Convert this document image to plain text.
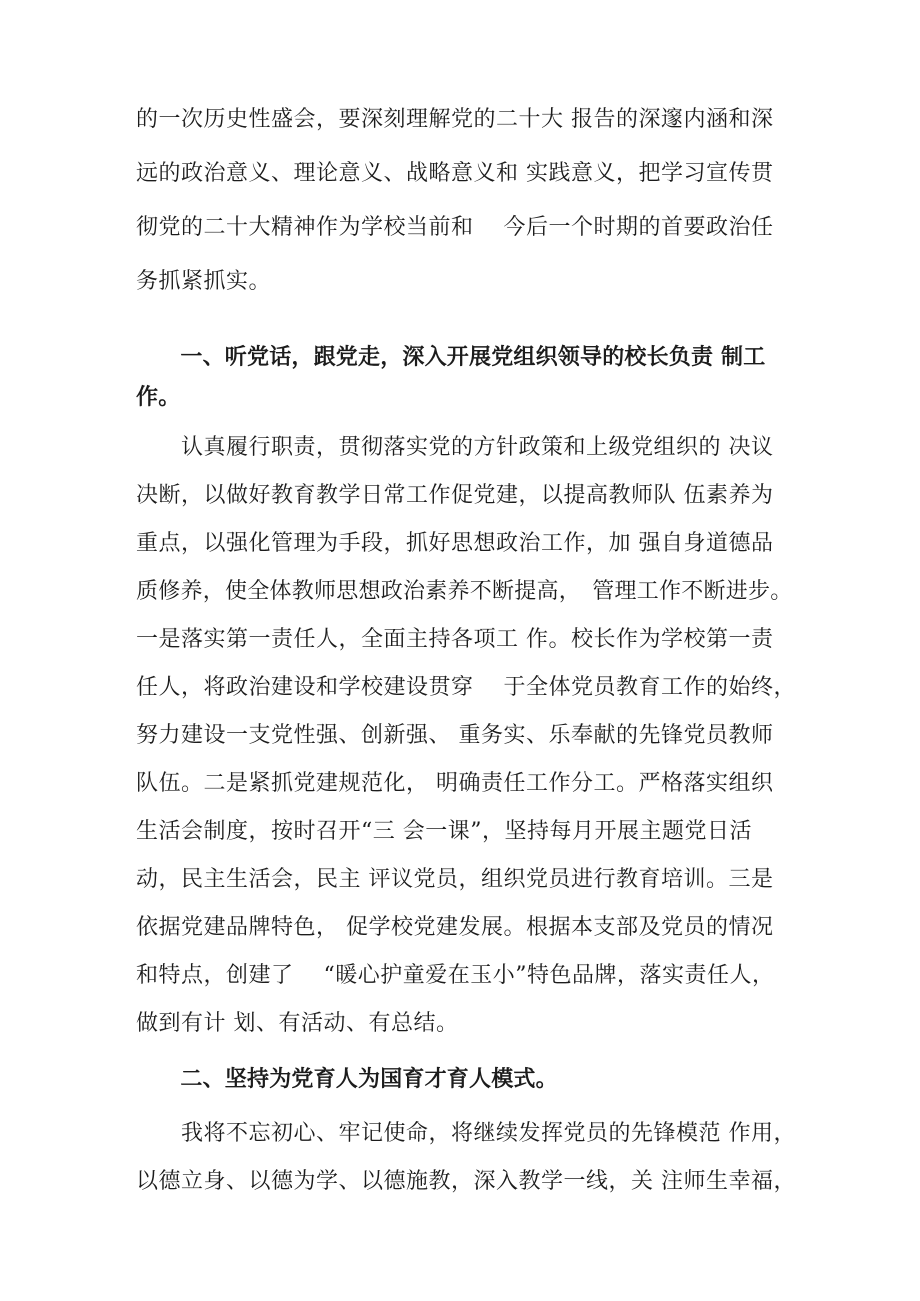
的一次历史性盛会，要深刻理解党的二十大 报告的深邃内涵和深

远的政治意义、理论意义、战略意义和 实践意义，把学习宣传贯

彻党的二十大精神作为学校当前和　 今后一个时期的首要政治任

务抓紧抓实。

　　一、听党话，跟党走，深入开展党组织领导的校长负责 制工

作。

　　认真履行职责，贯彻落实党的方针政策和上级党组织的 决议

决断，以做好教育教学日常工作促党建，以提高教师队 伍素养为

重点，以强化管理为手段，抓好思想政治工作，加 强自身道德品

质修养，使全体教师思想政治素养不断提高，　管理工作不断进步。

一是落实第一责任人，全面主持各项工 作。校长作为学校第一责

任人，将政治建设和学校建设贯穿　 于全体党员教育工作的始终，

努力建设一支党性强、创新强、 重务实、乐奉献的先锋党员教师

队伍。二是紧抓党建规范化， 明确责任工作分工。严格落实组织

生活会制度，按时召开“三 会一课”，坚持每月开展主题党日活

动，民主生活会，民主 评议党员，组织党员进行教育培训。三是

依据党建品牌特色， 促学校党建发展。根据本支部及党员的情况

和特点，创建了　 “暖心护童爱在玉小”特色品牌，落实责任人，

做到有计 划、有活动、有总结。

　　二、坚持为党育人为国育才育人模式。

　　我将不忘初心、牢记使命，将继续发挥党员的先锋模范 作用，

以德立身、以德为学、以德施教，深入教学一线，关 注师生幸福，
